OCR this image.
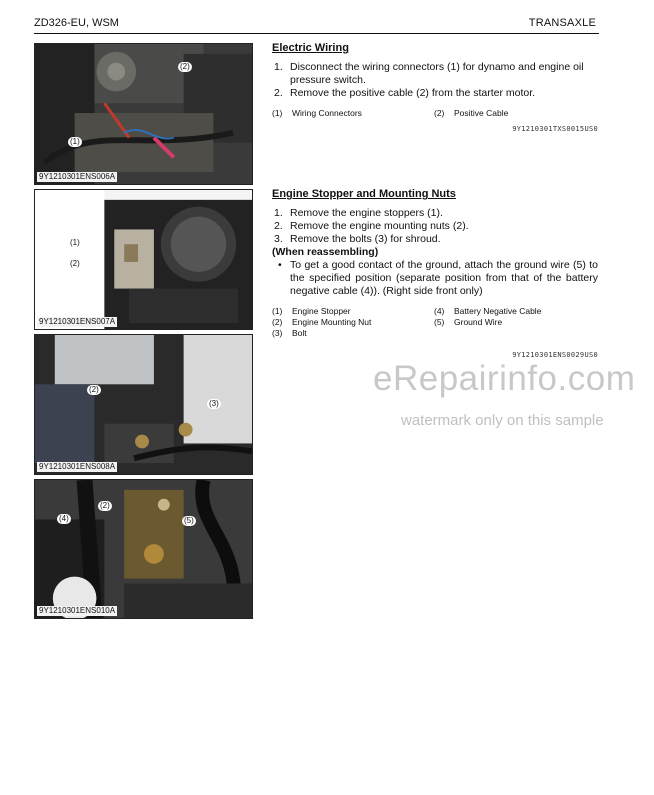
ZD326-EU, WSM	TRANSAXLE
(1)
(2)
9Y1210301ENS006A
(1)
(2)
9Y1210301ENS007A
(2)
(3)
9Y1210301ENS008A
(4)
(2)
(5)
9Y1210301ENS010A
Electric Wiring
1. Disconnect the wiring connectors (1) for dynamo and engine oil pressure switch.
2. Remove the positive cable (2) from the starter motor.
(1)	Wiring Connectors	(2)	Positive Cable
9Y1210301TXS0015US0
Engine Stopper and Mounting Nuts
1. Remove the engine stoppers (1).
2. Remove the engine mounting nuts (2).
3. Remove the bolts (3) for shroud.
(When reassembling)
• To get a good contact of the ground, attach the ground wire (5) to the specified position (separate position from that of the battery negative cable (4)). (Right side front only)
(1)	Engine Stopper	(4)	Battery Negative Cable
(2)	Engine Mounting Nut	(5)	Ground Wire
(3)	Bolt
9Y1210301ENS0029US0
eRepairinfo.com
watermark only on this sample
